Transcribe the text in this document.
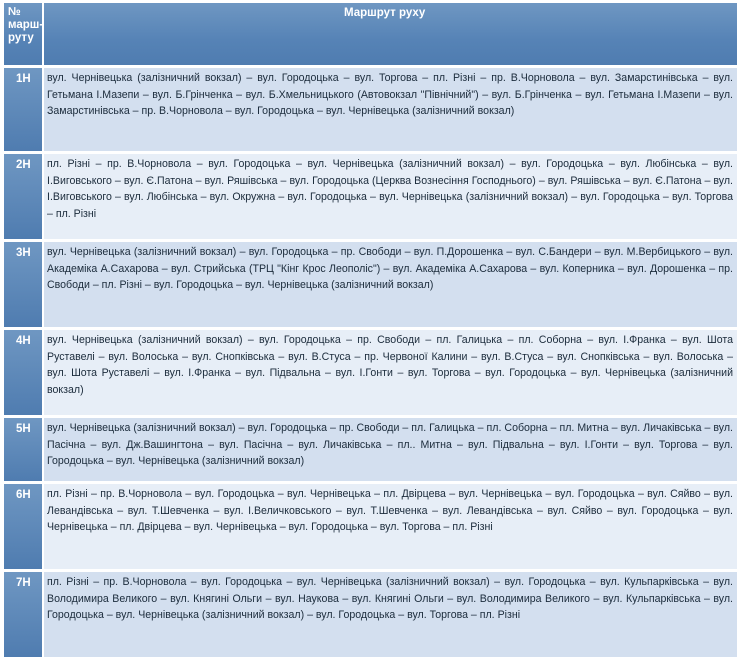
№ марш-руту	Маршрут руху
1Н	вул. Чернівецька (залізничний вокзал) – вул. Городоцька – вул. Торгова – пл. Різні – пр. В.Чорновола – вул. Замарстинівська – вул. Гетьмана І.Мазепи – вул. Б.Грінченка – вул. Б.Хмельницького (Автовокзал "Північний") – вул. Б.Грінченка – вул. Гетьмана І.Мазепи – вул. Замарстинівська – пр. В.Чорновола – вул. Городоцька – вул. Чернівецька (залізничний вокзал)
2Н	пл. Різні – пр. В.Чорновола – вул. Городоцька – вул. Чернівецька (залізничний вокзал) – вул. Городоцька – вул. Любінська – вул. І.Виговського – вул. Є.Патона – вул. Ряшівська – вул. Городоцька (Церква Вознесіння Господнього) – вул. Ряшівська – вул. Є.Патона – вул. І.Виговського – вул. Любінська – вул. Окружна – вул. Городоцька – вул. Чернівецька (залізничний вокзал) – вул. Городоцька – вул. Торгова – пл. Різні
3Н	вул. Чернівецька (залізничний вокзал) – вул. Городоцька – пр. Свободи – вул. П.Дорошенка – вул. С.Бандери – вул. М.Вербицького – вул. Академіка А.Сахарова – вул. Стрийська (ТРЦ "Кінг Крос Леополіс") – вул. Академіка А.Сахарова – вул. Коперника – вул. Дорошенка – пр. Свободи – пл. Різні – вул. Городоцька – вул. Чернівецька (залізничний вокзал)
4Н	вул. Чернівецька (залізничний вокзал) – вул. Городоцька – пр. Свободи – пл. Галицька – пл. Соборна – вул. І.Франка – вул. Шота Руставелі – вул. Волоська – вул. Снопківська – вул. В.Стуса – пр. Червоної Калини – вул. В.Стуса – вул. Снопківська – вул. Волоська – вул. Шота Руставелі – вул. І.Франка – вул. Підвальна – вул. І.Гонти – вул. Торгова – вул. Городоцька – вул. Чернівецька (залізничний вокзал)
5Н	вул. Чернівецька (залізничний вокзал) – вул. Городоцька – пр. Свободи – пл. Галицька – пл. Соборна – пл. Митна – вул. Личаківська – вул. Пасічна – вул. Дж.Вашингтона – вул. Пасічна – вул. Личаківська – пл.. Митна – вул. Підвальна – вул. І.Гонти – вул. Торгова – вул. Городоцька – вул. Чернівецька (залізничний вокзал)
6Н	пл. Різні – пр. В.Чорновола – вул. Городоцька – вул. Чернівецька – пл. Двірцева – вул. Чернівецька – вул. Городоцька – вул. Сяйво – вул. Левандівська – вул. Т.Шевченка – вул. І.Величковського – вул. Т.Шевченка – вул. Левандівська – вул. Сяйво – вул. Городоцька – вул. Чернівецька – пл. Двірцева – вул. Чернівецька – вул. Городоцька – вул. Торгова – пл. Різні
7Н	пл. Різні – пр. В.Чорновола – вул. Городоцька – вул. Чернівецька (залізничний вокзал) – вул. Городоцька – вул. Кульпарківська – вул. Володимира Великого – вул. Княгині Ольги – вул. Наукова – вул. Княгині Ольги – вул. Володимира Великого – вул. Кульпарківська – вул. Городоцька – вул. Чернівецька (залізничний вокзал) – вул. Городоцька – вул. Торгова – пл. Різні
